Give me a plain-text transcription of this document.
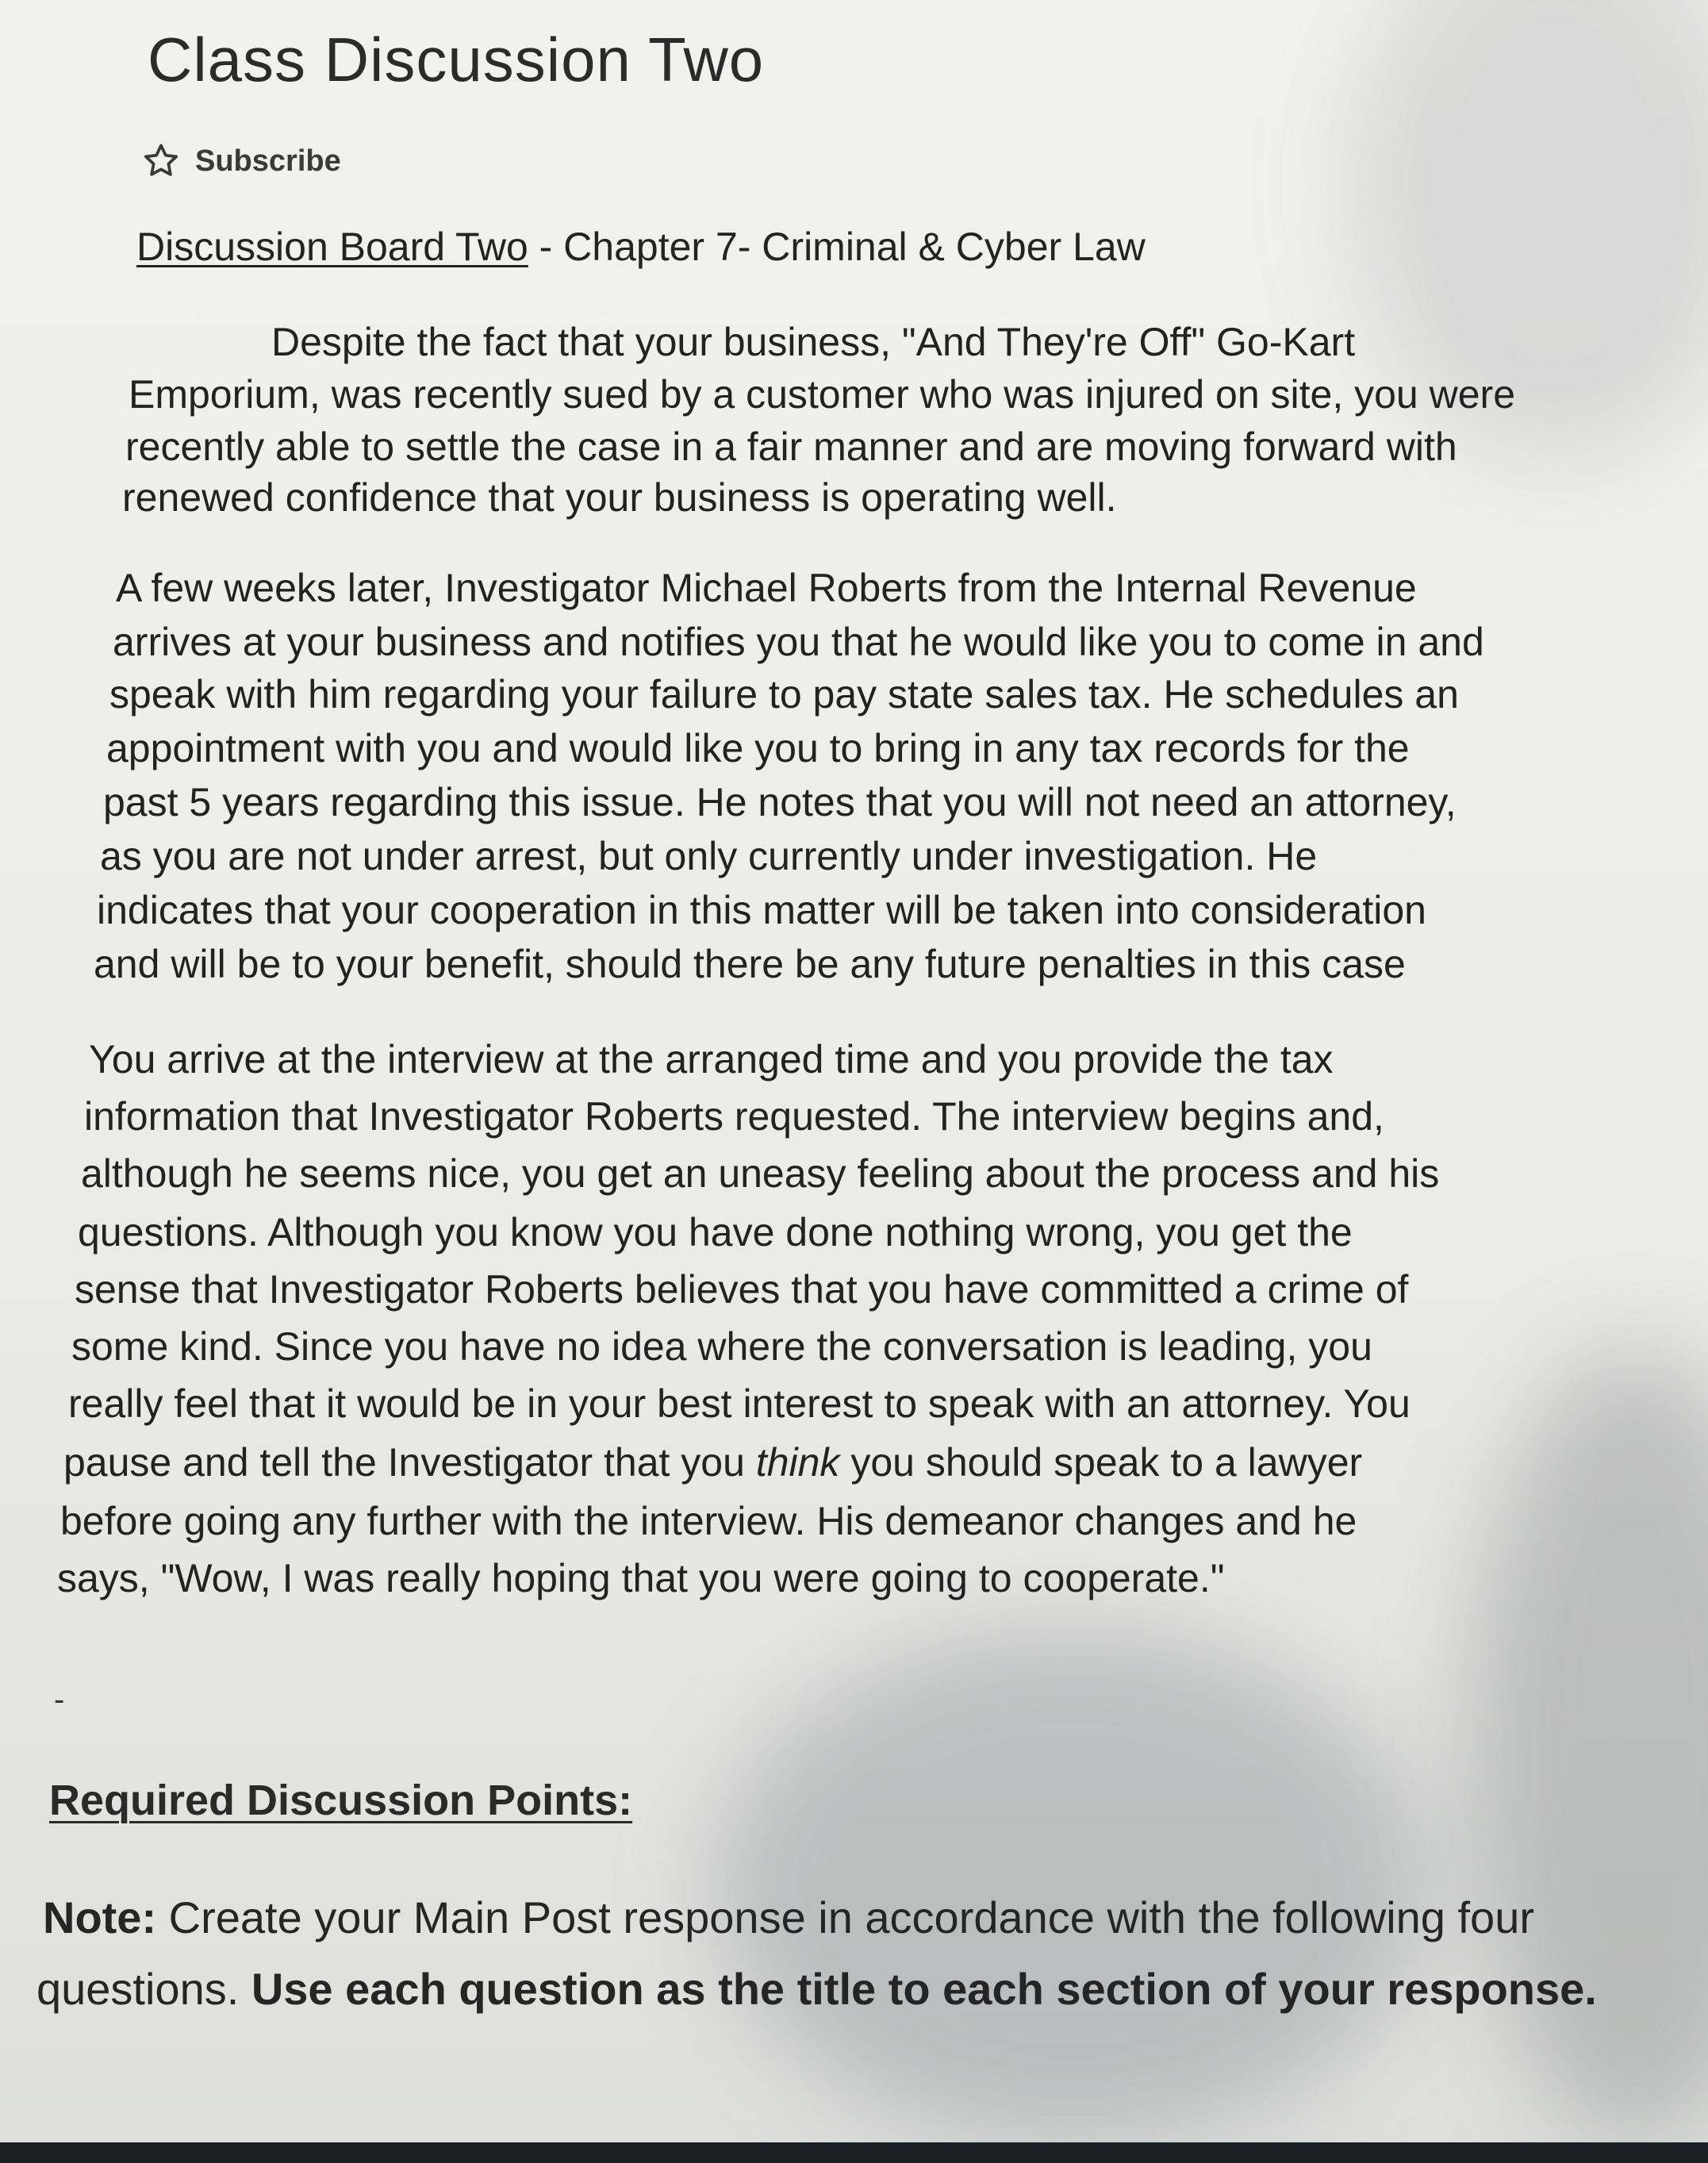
Class Discussion Two
Subscribe
Discussion Board Two - Chapter 7- Criminal & Cyber Law
Despite the fact that your business, "And They're Off" Go-Kart
Emporium, was recently sued by a customer who was injured on site, you were
recently able to settle the case in a fair manner and are moving forward with
renewed confidence that your business is operating well.
A few weeks later, Investigator Michael Roberts from the Internal Revenue
arrives at your business and notifies you that he would like you to come in and
speak with him regarding your failure to pay state sales tax. He schedules an
appointment with you and would like you to bring in any tax records for the
past 5 years regarding this issue. He notes that you will not need an attorney,
as you are not under arrest, but only currently under investigation. He
indicates that your cooperation in this matter will be taken into consideration
and will be to your benefit, should there be any future penalties in this case
You arrive at the interview at the arranged time and you provide the tax
information that Investigator Roberts requested. The interview begins and,
although he seems nice, you get an uneasy feeling about the process and his
questions. Although you know you have done nothing wrong, you get the
sense that Investigator Roberts believes that you have committed a crime of
some kind. Since you have no idea where the conversation is leading, you
really feel that it would be in your best interest to speak with an attorney. You
pause and tell the Investigator that you think you should speak to a lawyer
before going any further with the interview. His demeanor changes and he
says, "Wow, I was really hoping that you were going to cooperate."
-
Required Discussion Points:
Note: Create your Main Post response in accordance with the following four
questions. Use each question as the title to each section of your response.
